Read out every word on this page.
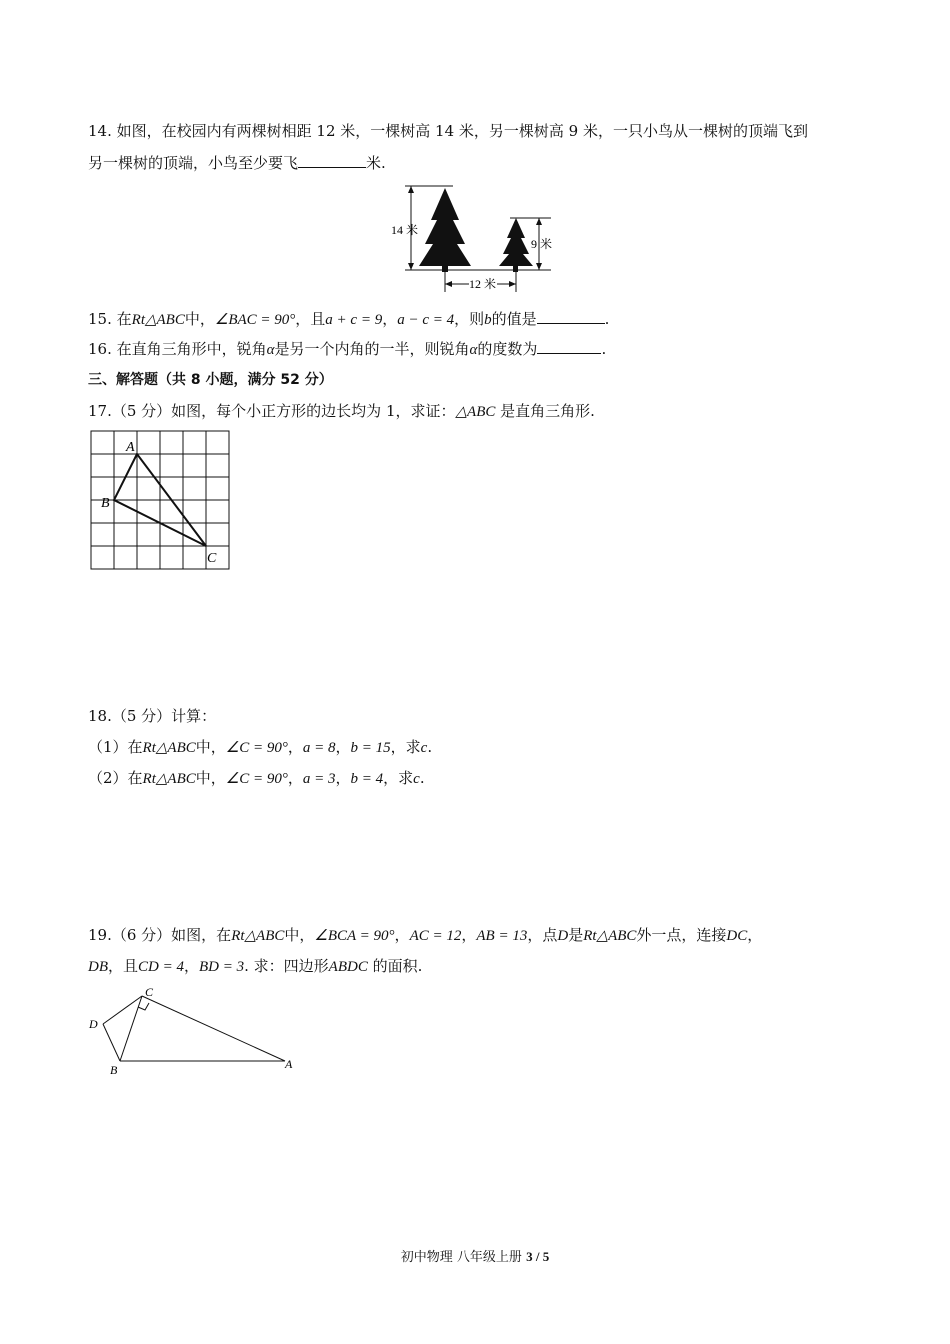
14. 如图，在校园内有两棵树相距 12 米，一棵树高 14 米，另一棵树高 9 米，一只小鸟从一棵树的顶端飞到
另一棵树的顶端，小鸟至少要飞	米.
14 米
9 米
12 米
15. 在Rt△ABC中，∠BAC = 90°，且a + c = 9，a − c = 4，则b的值是	.
16. 在直角三角形中，锐角α是另一个内角的一半，则锐角α的度数为	.
三、解答题（共 8 小题，满分 52 分）
17.（5 分）如图，每个小正方形的边长均为 1，求证：△ABC 是直角三角形.
A
B
C
18.（5 分）计算：
（1）在Rt△ABC中，∠C = 90°，a = 8，b = 15，求c.
（2）在Rt△ABC中，∠C = 90°，a = 3，b = 4，求c.
19.（6 分）如图，在Rt△ABC中，∠BCA = 90°，AC = 12，AB = 13，点D是Rt△ABC外一点，连接DC，
DB，且CD = 4，BD = 3. 求：四边形ABDC 的面积.
C
D
B	A
初中物理 八年级上册 3 / 5
